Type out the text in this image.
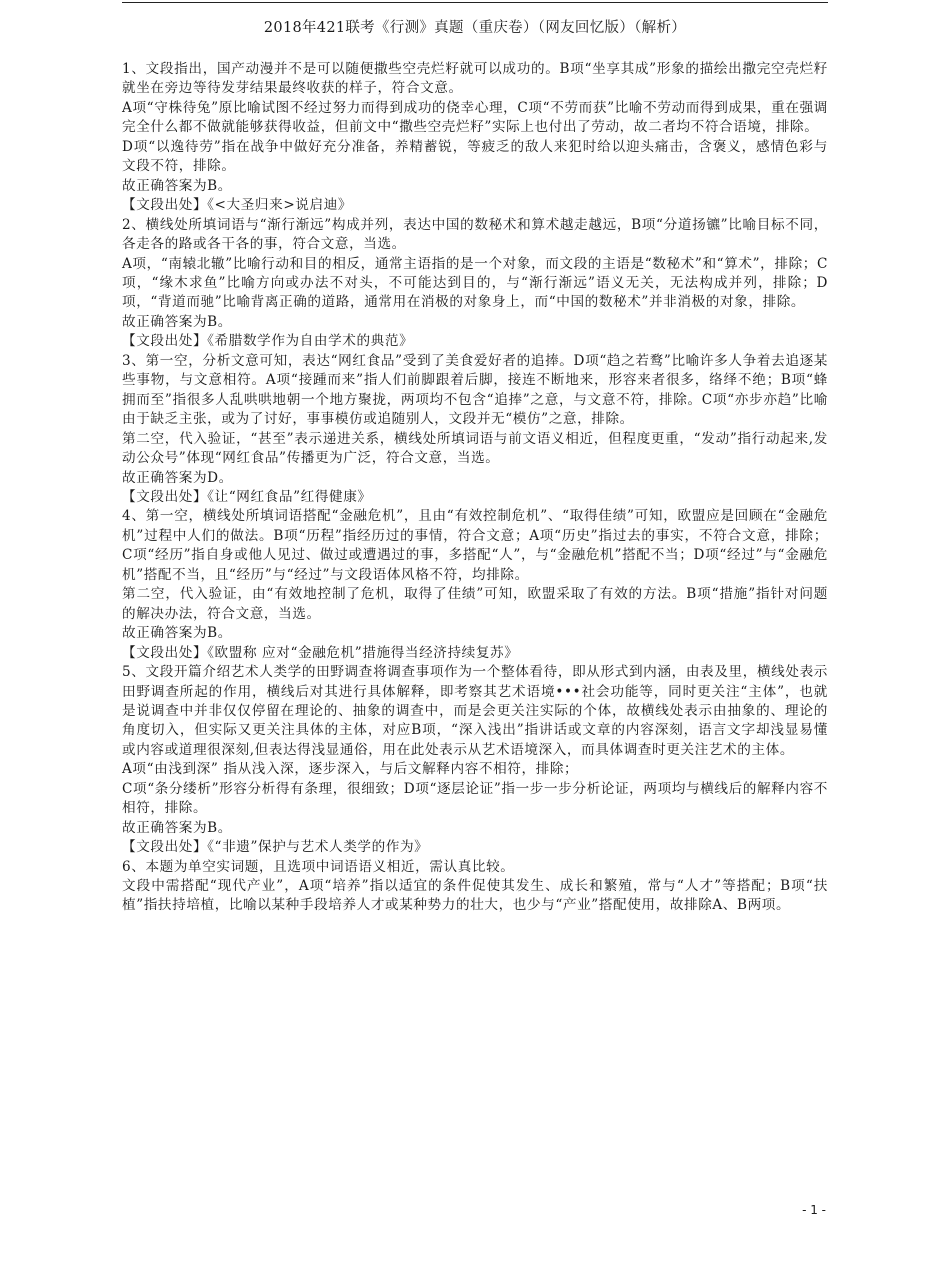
2018年421联考《行测》真题（重庆卷）（网友回忆版）（解析）

1、文段指出，国产动漫并不是可以随便撒些空壳烂籽就可以成功的。B项“坐享其成”形象的描绘出撒完空壳烂籽就坐在旁边等待发芽结果最终收获的样子，符合文意。

A项“守株待兔”原比喻试图不经过努力而得到成功的侥幸心理，C项“不劳而获”比喻不劳动而得到成果，重在强调完全什么都不做就能够获得收益，但前文中“撒些空壳烂籽”实际上也付出了劳动，故二者均不符合语境，排除。

D项“以逸待劳”指在战争中做好充分准备，养精蓄锐，等疲乏的敌人来犯时给以迎头痛击，含褒义，感情色彩与文段不符，排除。

故正确答案为B。

【文段出处】《<大圣归来>说启迪》

2、横线处所填词语与“渐行渐远”构成并列，表达中国的数秘术和算术越走越远，B项“分道扬镳”比喻目标不同，各走各的路或各干各的事，符合文意，当选。

A项，“南辕北辙”比喻行动和目的相反，通常主语指的是一个对象，而文段的主语是“数秘术”和“算术”，排除；C项，“缘木求鱼”比喻方向或办法不对头，不可能达到目的，与“渐行渐远”语义无关，无法构成并列，排除；D项，“背道而驰”比喻背离正确的道路，通常用在消极的对象身上，而“中国的数秘术”并非消极的对象，排除。

故正确答案为B。

【文段出处】《希腊数学作为自由学术的典范》

3、第一空，分析文意可知，表达“网红食品”受到了美食爱好者的追捧。D项“趋之若鹜”比喻许多人争着去追逐某些事物，与文意相符。A项“接踵而来”指人们前脚跟着后脚，接连不断地来，形容来者很多，络绎不绝；B项“蜂拥而至”指很多人乱哄哄地朝一个地方聚拢，两项均不包含“追捧”之意，与文意不符，排除。C项“亦步亦趋”比喻由于缺乏主张，或为了讨好，事事模仿或追随别人，文段并无“模仿”之意，排除。

第二空，代入验证，“甚至”表示递进关系，横线处所填词语与前文语义相近，但程度更重，“发动”指行动起来,发动公众号”体现“网红食品”传播更为广泛，符合文意，当选。

故正确答案为D。

【文段出处】《让“网红食品”红得健康》

4、第一空，横线处所填词语搭配“金融危机”，且由“有效控制危机”、“取得佳绩”可知，欧盟应是回顾在“金融危机”过程中人们的做法。B项“历程”指经历过的事情，符合文意；A项“历史”指过去的事实，不符合文意，排除；C项“经历”指自身或他人见过、做过或遭遇过的事，多搭配“人”，与“金融危机”搭配不当；D项“经过”与“金融危机”搭配不当，且“经历”与“经过”与文段语体风格不符，均排除。

第二空，代入验证，由“有效地控制了危机，取得了佳绩”可知，欧盟采取了有效的方法。B项“措施”指针对问题的解决办法，符合文意，当选。

故正确答案为B。

【文段出处】《欧盟称 应对“金融危机”措施得当经济持续复苏》

5、文段开篇介绍艺术人类学的田野调查将调查事项作为一个整体看待，即从形式到内涵，由表及里，横线处表示田野调查所起的作用，横线后对其进行具体解释，即考察其艺术语境•••社会功能等，同时更关注“主体”，也就是说调查中并非仅仅停留在理论的、抽象的调查中，而是会更关注实际的个体，故横线处表示由抽象的、理论的角度切入，但实际又更关注具体的主体，对应B项，“深入浅出”指讲话或文章的内容深刻，语言文字却浅显易懂或内容或道理很深刻,但表达得浅显通俗，用在此处表示从艺术语境深入，而具体调查时更关注艺术的主体。

A项“由浅到深” 指从浅入深，逐步深入，与后文解释内容不相符，排除；

C项“条分缕析”形容分析得有条理，很细致；D项“逐层论证”指一步一步分析论证，两项均与横线后的解释内容不相符，排除。

故正确答案为B。

【文段出处】《“非遗”保护与艺术人类学的作为》

6、本题为单空实词题，且选项中词语语义相近，需认真比较。

文段中需搭配“现代产业”，A项“培养”指以适宜的条件促使其发生、成长和繁殖，常与“人才”等搭配；B项“扶植”指扶持培植，比喻以某种手段培养人才或某种势力的壮大，也少与“产业”搭配使用，故排除A、B两项。

- 1 -
